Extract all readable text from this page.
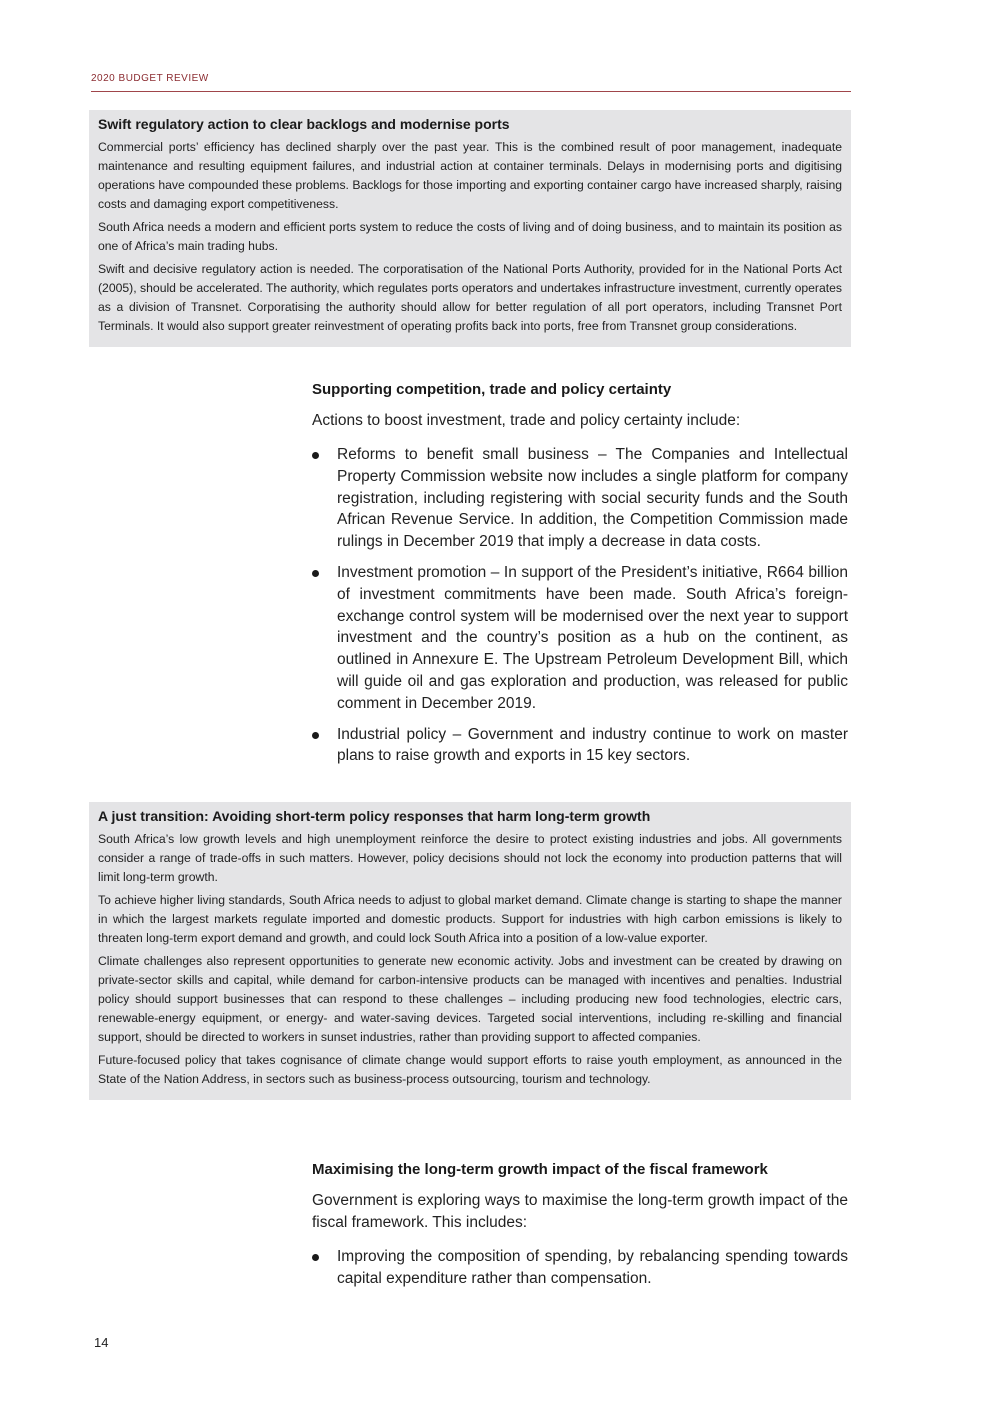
2020 BUDGET REVIEW
Swift regulatory action to clear backlogs and modernise ports

Commercial ports’ efficiency has declined sharply over the past year. This is the combined result of poor management, inadequate maintenance and resulting equipment failures, and industrial action at container terminals. Delays in modernising ports and digitising operations have compounded these problems. Backlogs for those importing and exporting container cargo have increased sharply, raising costs and damaging export competitiveness.

South Africa needs a modern and efficient ports system to reduce the costs of living and of doing business, and to maintain its position as one of Africa’s main trading hubs.

Swift and decisive regulatory action is needed. The corporatisation of the National Ports Authority, provided for in the National Ports Act (2005), should be accelerated. The authority, which regulates ports operators and undertakes infrastructure investment, currently operates as a division of Transnet. Corporatising the authority should allow for better regulation of all port operators, including Transnet Port Terminals. It would also support greater reinvestment of operating profits back into ports, free from Transnet group considerations.

Supporting competition, trade and policy certainty
Actions to boost investment, trade and policy certainty include:
Reforms to benefit small business – The Companies and Intellectual Property Commission website now includes a single platform for company registration, including registering with social security funds and the South African Revenue Service. In addition, the Competition Commission made rulings in December 2019 that imply a decrease in data costs.
Investment promotion – In support of the President’s initiative, R664 billion of investment commitments have been made. South Africa’s foreign-exchange control system will be modernised over the next year to support investment and the country’s position as a hub on the continent, as outlined in Annexure E. The Upstream Petroleum Development Bill, which will guide oil and gas exploration and production, was released for public comment in December 2019.
Industrial policy – Government and industry continue to work on master plans to raise growth and exports in 15 key sectors.
A just transition: Avoiding short-term policy responses that harm long-term growth

South Africa’s low growth levels and high unemployment reinforce the desire to protect existing industries and jobs. All governments consider a range of trade-offs in such matters. However, policy decisions should not lock the economy into production patterns that will limit long-term growth.

To achieve higher living standards, South Africa needs to adjust to global market demand. Climate change is starting to shape the manner in which the largest markets regulate imported and domestic products. Support for industries with high carbon emissions is likely to threaten long-term export demand and growth, and could lock South Africa into a position of a low-value exporter.

Climate challenges also represent opportunities to generate new economic activity. Jobs and investment can be created by drawing on private-sector skills and capital, while demand for carbon-intensive products can be managed with incentives and penalties. Industrial policy should support businesses that can respond to these challenges – including producing new food technologies, electric cars, renewable-energy equipment, or energy- and water-saving devices. Targeted social interventions, including re-skilling and financial support, should be directed to workers in sunset industries, rather than providing support to affected companies.

Future-focused policy that takes cognisance of climate change would support efforts to raise youth employment, as announced in the State of the Nation Address, in sectors such as business-process outsourcing, tourism and technology.

Maximising the long-term growth impact of the fiscal framework
Government is exploring ways to maximise the long-term growth impact of the fiscal framework. This includes:
Improving the composition of spending, by rebalancing spending towards capital expenditure rather than compensation.
14
